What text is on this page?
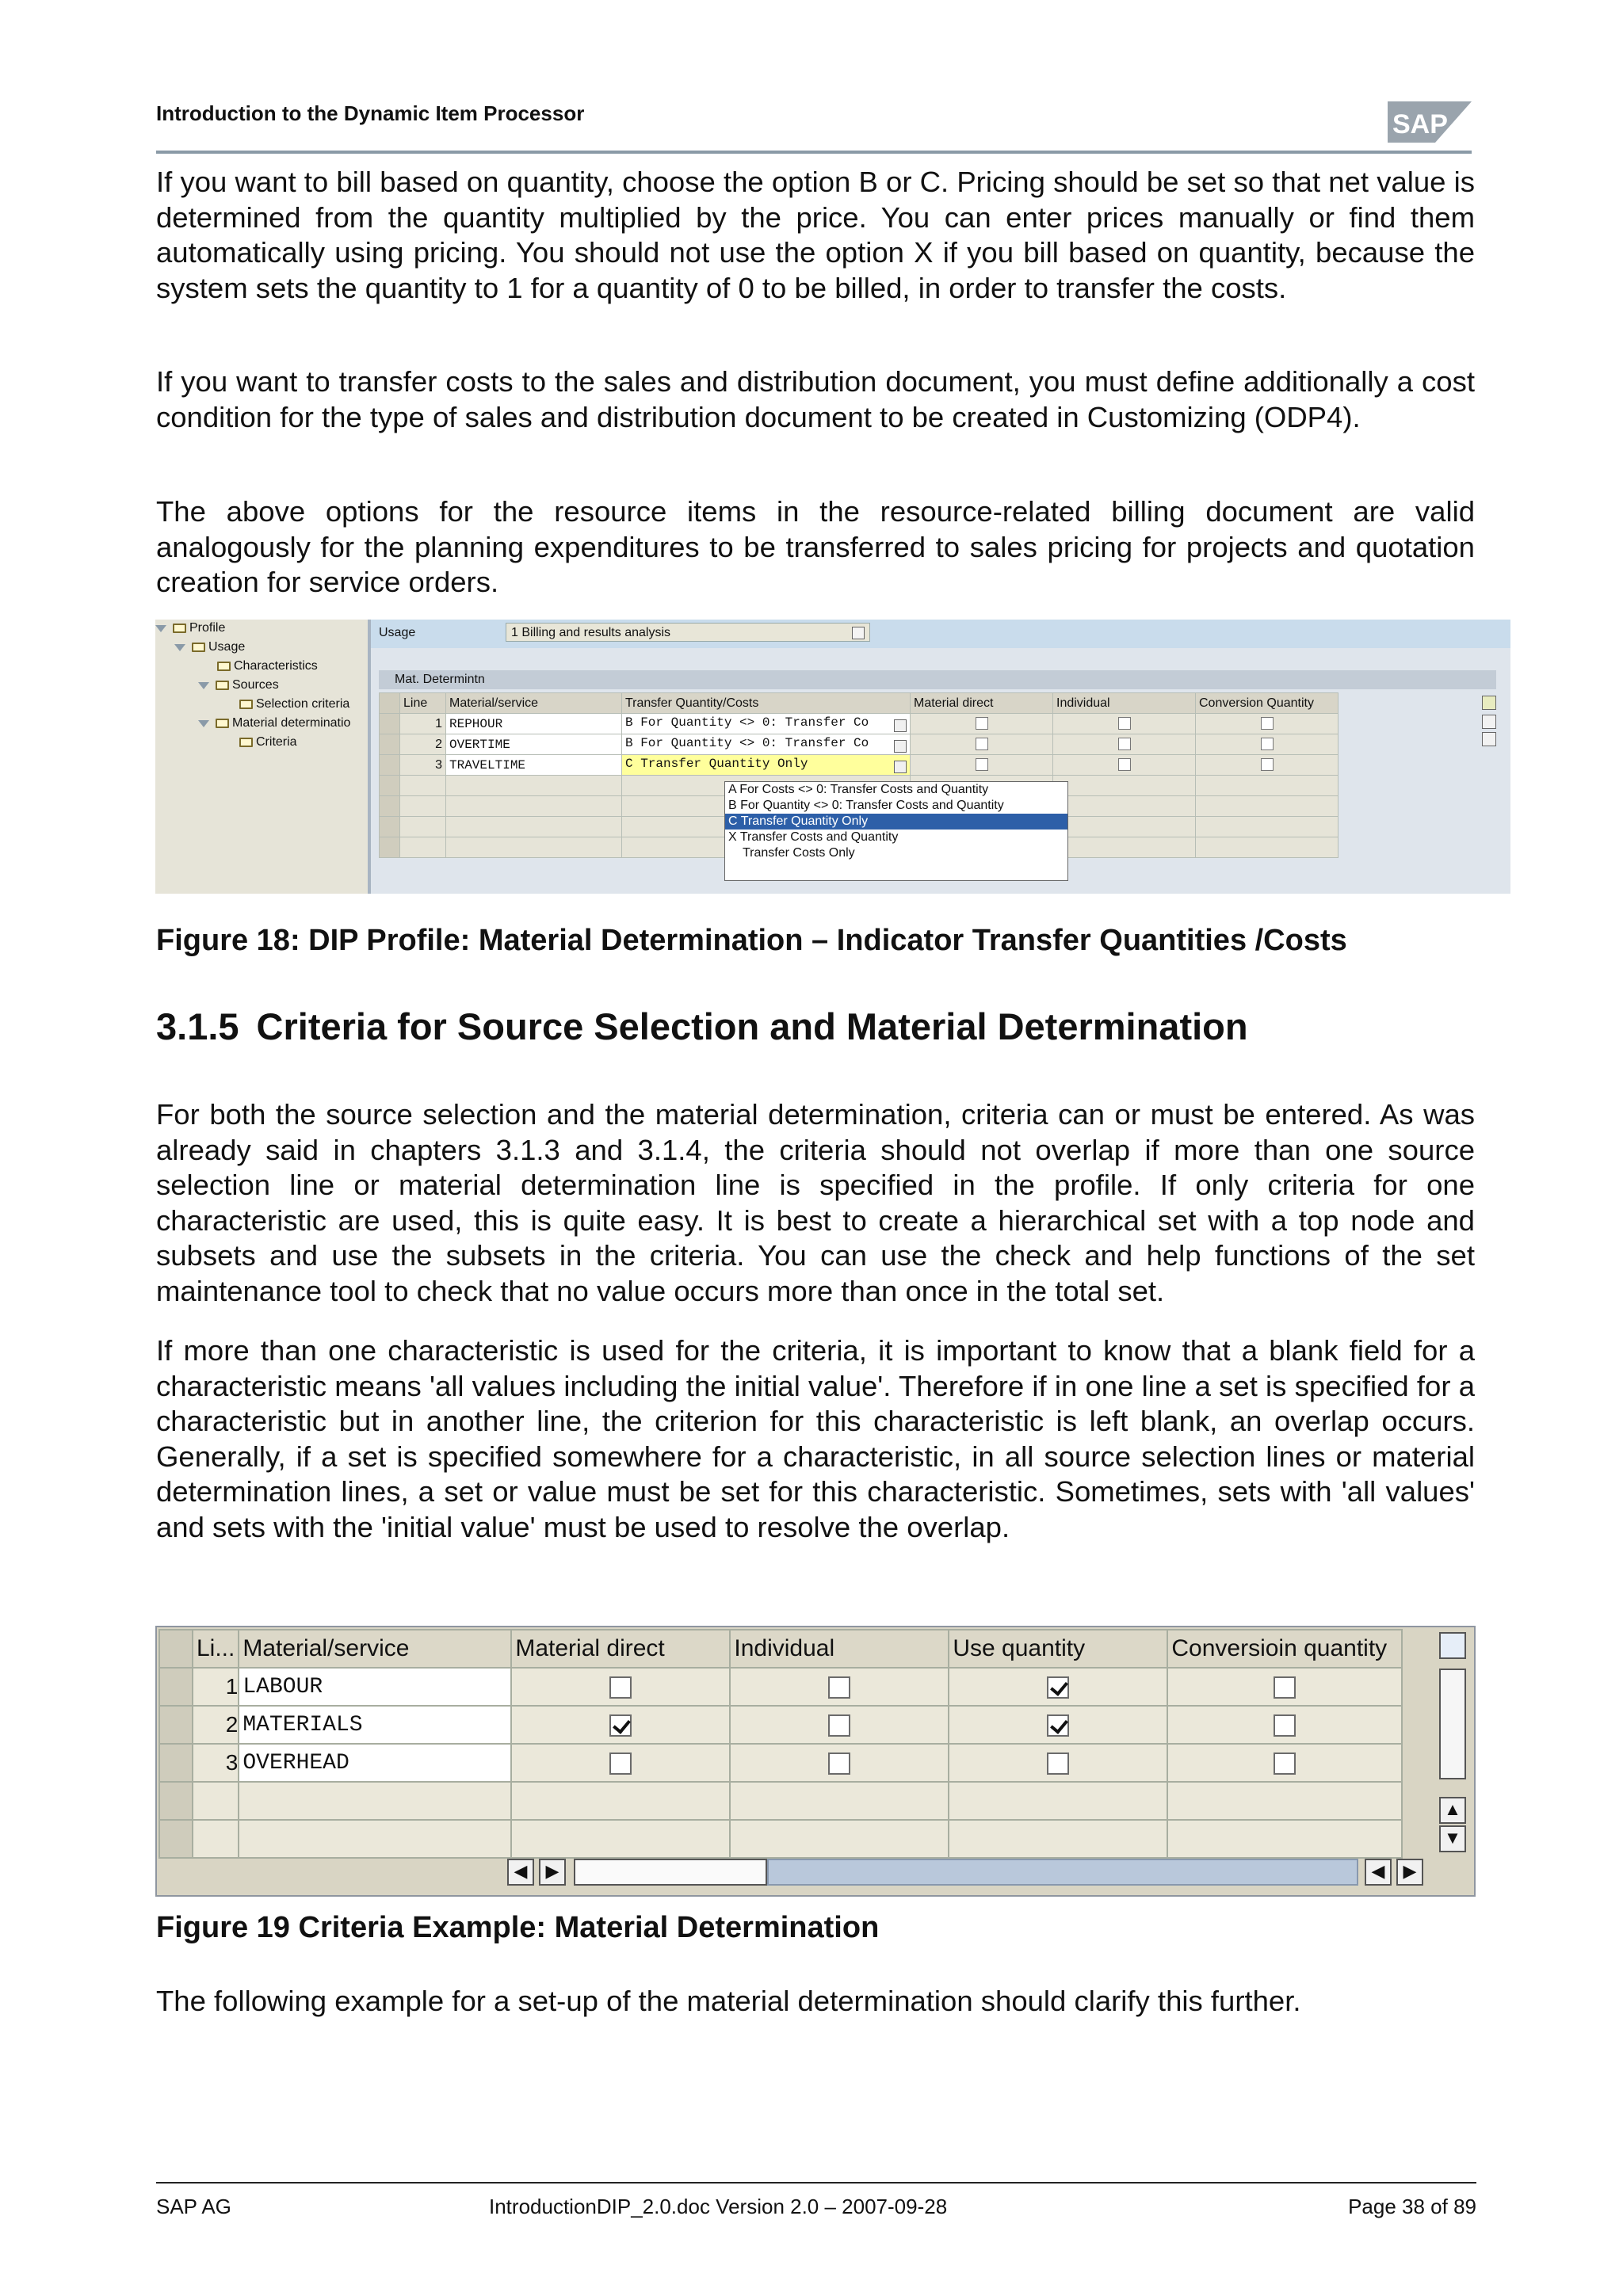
Introduction to the Dynamic Item Processor	SAP

If you want to bill based on quantity, choose the option B or C. Pricing should be set so that net value is determined from the quantity multiplied by the price. You can enter prices manually or find them automatically using pricing. You should not use the option X if you bill based on quantity, because the system sets the quantity to 1 for a quantity of 0 to be billed, in order to transfer the costs.

If you want to transfer costs to the sales and distribution document, you must define additionally a cost condition for the type of sales and distribution document to be created in Customizing (ODP4).

The above options for the resource items in the resource-related billing document are valid analogously for the planning expenditures to be transferred to sales pricing for projects and quotation creation for service orders.

Profile
Usage
Characteristics
Sources
Selection criteria
Material determinatio
Criteria
Usage	1 Billing and results analysis
Mat. Determintn
	Line	Material/service	Transfer Quantity/Costs	Material direct	Individual	Conversion Quantity
	1	REPHOUR	B For Quantity <> 0: Transfer Co

	2	OVERTIME	B For Quantity <> 0: Transfer Co

	3	TRAVELTIME	C Transfer Quantity Only

A For Costs <> 0: Transfer Costs and Quantity
B For Quantity <> 0: Transfer Costs and Quantity
C Transfer Quantity Only
X Transfer Costs and Quantity
Transfer Costs Only

Figure 18: DIP Profile: Material Determination – Indicator Transfer Quantities /Costs

3.1.5 Criteria for Source Selection and Material Determination

For both the source selection and the material determination, criteria can or must be entered. As was already said in chapters 3.1.3 and 3.1.4, the criteria should not overlap if more than one source selection line or material determination line is specified in the profile. If only criteria for one characteristic are used, this is quite easy. It is best to create a hierarchical set with a top node and subsets and use the subsets in the criteria. You can use the check and help functions of the set maintenance tool to check that no value occurs more than once in the total set.

If more than one characteristic is used for the criteria, it is important to know that a blank field for a characteristic means 'all values including the initial value'. Therefore if in one line a set is specified for a characteristic but in another line, the criterion for this characteristic is left blank, an overlap occurs. Generally, if a set is specified somewhere for a characteristic, in all source selection lines or material determination lines, a set or value must be set for this characteristic. Sometimes, sets with 'all values' and sets with the 'initial value' must be used to resolve the overlap.

	Li...	Material/service	Material direct	Individual	Use quantity	Conversioin quantity
	1	LABOUR				
	2	MATERIALS				
	3	OVERHEAD				

▲
▼
◀	▶	◀	▶

Figure 19 Criteria Example: Material Determination

The following example for a set-up of the material determination should clarify this further.

SAP AG	IntroductionDIP_2.0.doc Version 2.0 – 2007-09-28	Page 38 of 89
